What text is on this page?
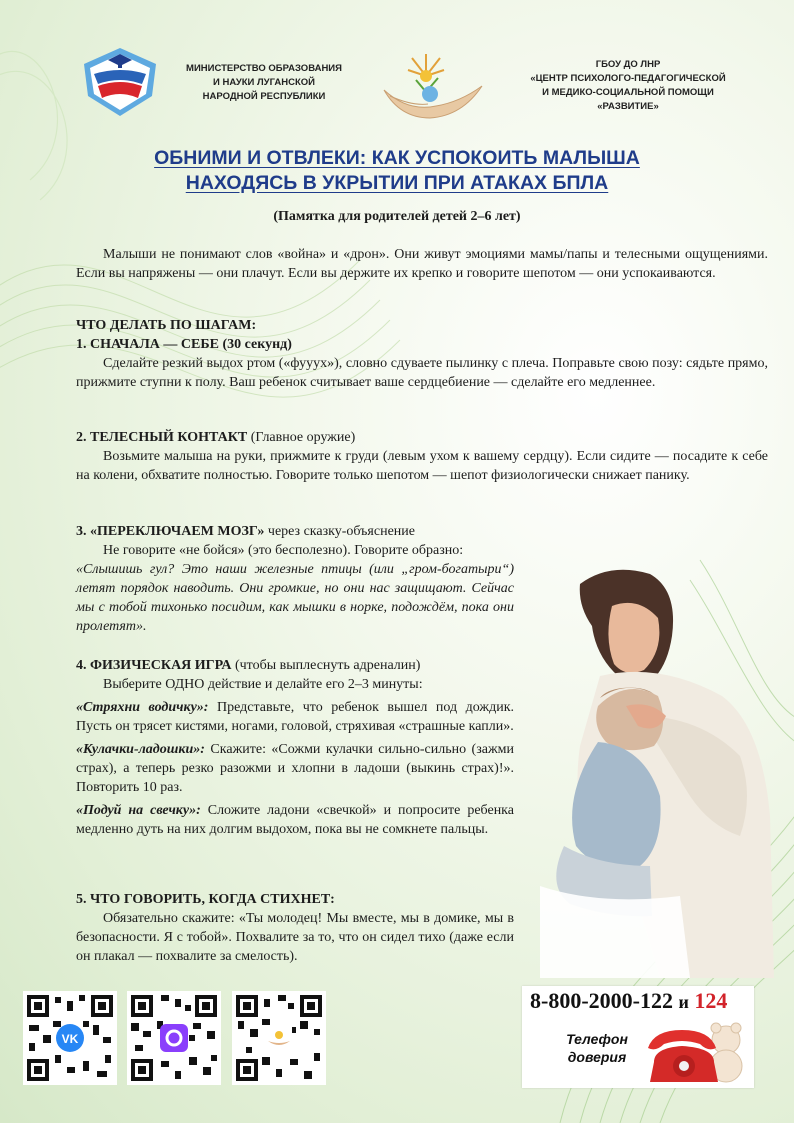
МИНИСТЕРСТВО ОБРАЗОВАНИЯ
И НАУКИ ЛУГАНСКОЙ
НАРОДНОЙ РЕСПУБЛИКИ
ГБОУ ДО ЛНР
«ЦЕНТР ПСИХОЛОГО-ПЕДАГОГИЧЕСКОЙ
И МЕДИКО-СОЦИАЛЬНОЙ ПОМОЩИ
«РАЗВИТИЕ»
ОБНИМИ И ОТВЛЕКИ: КАК УСПОКОИТЬ МАЛЫША
НАХОДЯСЬ В УКРЫТИИ ПРИ АТАКАХ БПЛА
(Памятка для родителей детей 2–6 лет)

Малыши не понимают слов «война» и «дрон». Они живут эмоциями мамы/папы и телесными ощущениями. Если вы напряжены — они плачут. Если вы держите их крепко и говорите шепотом — они успокаиваются.

ЧТО ДЕЛАТЬ ПО ШАГАМ:

1. СНАЧАЛА — СЕБЕ (30 секунд)

Сделайте резкий выдох ртом («фууух»), словно сдуваете пылинку с плеча. Поправьте свою позу: сядьте прямо, прижмите ступни к полу. Ваш ребенок считывает ваше сердцебиение — сделайте его медленнее.

2. ТЕЛЕСНЫЙ КОНТАКТ (Главное оружие)

Возьмите малыша на руки, прижмите к груди (левым ухом к вашему сердцу). Если сидите — посадите к себе на колени, обхватите полностью. Говорите только шепотом — шепот физиологически снижает панику.

3. «ПЕРЕКЛЮЧАЕМ МОЗГ» через сказку-объяснение

Не говорите «не бойся» (это бесполезно). Говорите образно:

«Слышишь гул? Это наши железные птицы (или „гром-богатыри“) летят порядок наводить. Они громкие, но они нас защищают. Сейчас мы с тобой тихонько посидим, как мышки в норке, подождём, пока они пролетят».

4. ФИЗИЧЕСКАЯ ИГРА (чтобы выплеснуть адреналин)

Выберите ОДНО действие и делайте его 2–3 минуты:

«Стряхни водичку»: Представьте, что ребенок вышел под дождик. Пусть он трясет кистями, ногами, головой, стряхивая «страшные капли».

«Кулачки-ладошки»: Скажите: «Сожми кулачки сильно-сильно (зажми страх), а теперь резко разожми и хлопни в ладоши (выкинь страх)!». Повторить 10 раз.

«Подуй на свечку»: Сложите ладони «свечкой» и попросите ребенка медленно дуть на них долгим выдохом, пока вы не сомкнете пальцы.

5. ЧТО ГОВОРИТЬ, КОГДА СТИХНЕТ:

Обязательно скажите: «Ты молодец! Мы вместе, мы в домике, мы в безопасности. Я с тобой». Похвалите за то, что он сидел тихо (даже если он плакал — похвалите за смелость).

VK
8-800-2000-122 и 124
Телефон
доверия
